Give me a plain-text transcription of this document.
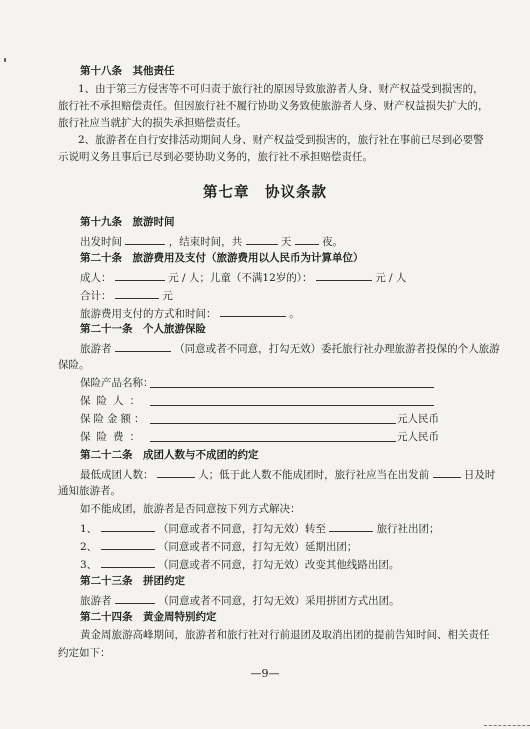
第十八条　其他责任
1、由于第三方侵害等不可归责于旅行社的原因导致旅游者人身、财产权益受到损害的，
旅行社不承担赔偿责任。但因旅行社不履行协助义务致使旅游者人身、财产权益损失扩大的，
旅行社应当就扩大的损失承担赔偿责任。
2、旅游者在自行安排活动期间人身、财产权益受到损害的，旅行社在事前已尽到必要警
示说明义务且事后已尽到必要协助义务的，旅行社不承担赔偿责任。
第七章　协议条款
第十九条　旅游时间
出发时间	，结束时间，共	天	夜。
第二十条　旅游费用及支付（旅游费用以人民币为计算单位）
成人：	元 / 人；儿童（不满12岁的）：	元 / 人
合计：	元
旅游费用支付的方式和时间：	。
第二十一条　个人旅游保险
旅游者	（同意或者不同意，打勾无效）委托旅行社办理旅游者投保的个人旅游
保险。
保险产品名称：
保险人：
保险金额：	元人民币
保险费：	元人民币
第二十二条　成团人数与不成团的约定
最低成团人数：	人；低于此人数不能成团时，旅行社应当在出发前	日及时
通知旅游者。
如不能成团，旅游者是否同意按下列方式解决：
1、	（同意或者不同意，打勾无效）转至	旅行社出团；
2、	（同意或者不同意，打勾无效）延期出团；
3、	（同意或者不同意，打勾无效）改变其他线路出团。
第二十三条　拼团约定
旅游者	（同意或者不同意，打勾无效）采用拼团方式出团。
第二十四条　黄金周特别约定
黄金周旅游高峰期间，旅游者和旅行社对行前退团及取消出团的提前告知时间、相关责任
约定如下：
—9—
